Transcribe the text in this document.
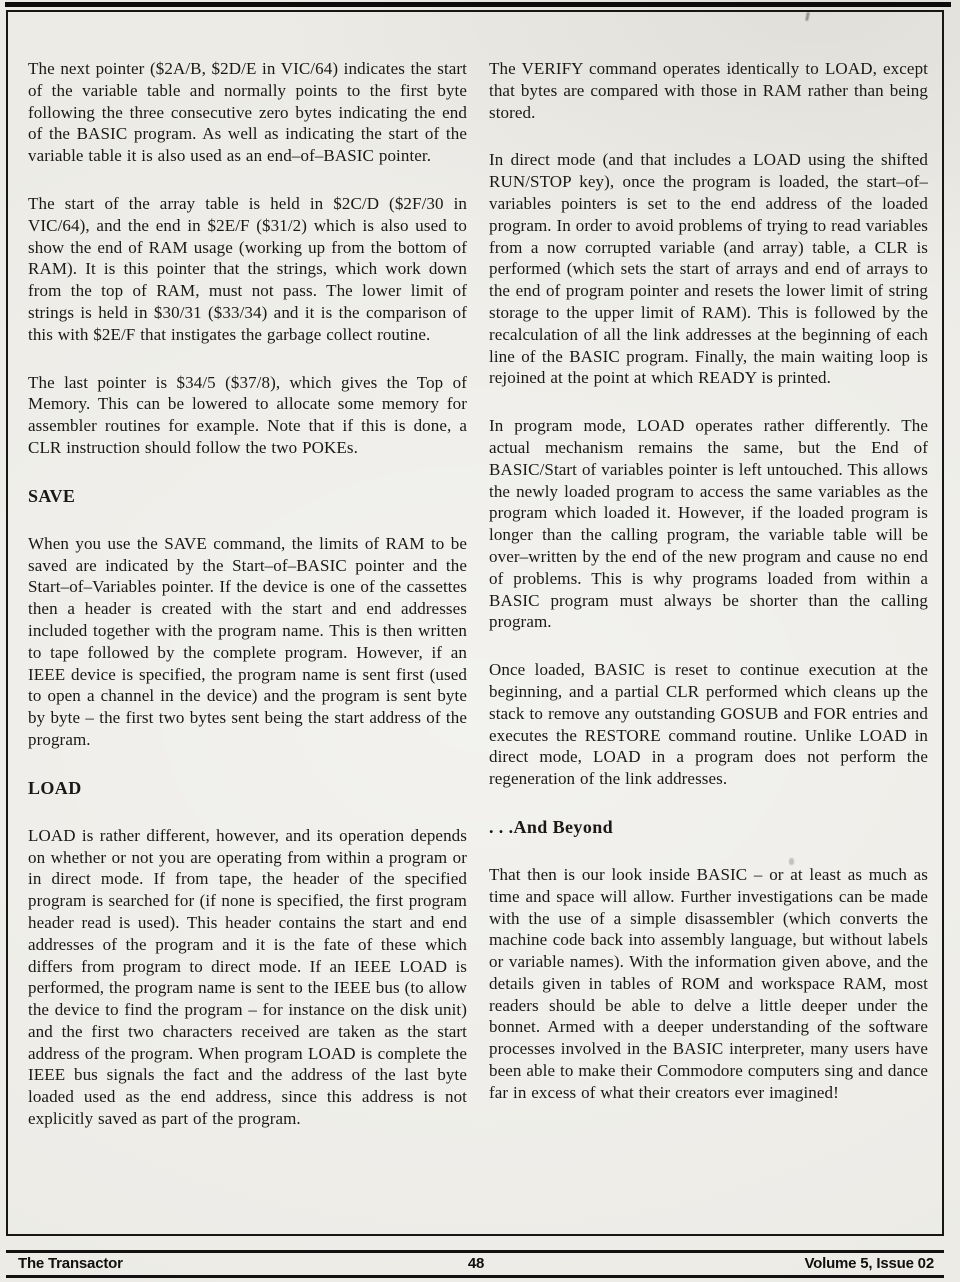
The next pointer ($2A/B, $2D/E in VIC/64) indicates the start of the variable table and normally points to the first byte following the three consecutive zero bytes indicating the end of the BASIC program. As well as indicating the start of the variable table it is also used as an end–of–BASIC pointer.

The start of the array table is held in $2C/D ($2F/30 in VIC/64), and the end in $2E/F ($31/2) which is also used to show the end of RAM usage (working up from the bottom of RAM). It is this pointer that the strings, which work down from the top of RAM, must not pass. The lower limit of strings is held in $30/31 ($33/34) and it is the comparison of this with $2E/F that instigates the garbage collect routine.

The last pointer is $34/5 ($37/8), which gives the Top of Memory. This can be lowered to allocate some memory for assembler routines for example. Note that if this is done, a CLR instruction should follow the two POKEs.

SAVE

When you use the SAVE command, the limits of RAM to be saved are indicated by the Start–of–BASIC pointer and the Start–of–Variables pointer. If the device is one of the cassettes then a header is created with the start and end addresses included together with the program name. This is then written to tape followed by the complete program. However, if an IEEE device is specified, the program name is sent first (used to open a channel in the device) and the program is sent byte by byte – the first two bytes sent being the start address of the program.

LOAD

LOAD is rather different, however, and its operation depends on whether or not you are operating from within a program or in direct mode. If from tape, the header of the specified program is searched for (if none is specified, the first program header read is used). This header contains the start and end addresses of the program and it is the fate of these which differs from program to direct mode. If an IEEE LOAD is performed, the program name is sent to the IEEE bus (to allow the device to find the program – for instance on the disk unit) and the first two characters received are taken as the start address of the program. When program LOAD is complete the IEEE bus signals the fact and the address of the last byte loaded used as the end address, since this address is not explicitly saved as part of the program.

The VERIFY command operates identically to LOAD, except that bytes are compared with those in RAM rather than being stored.

In direct mode (and that includes a LOAD using the shifted RUN/STOP key), once the program is loaded, the start–of–variables pointers is set to the end address of the loaded program. In order to avoid problems of trying to read variables from a now corrupted variable (and array) table, a CLR is performed (which sets the start of arrays and end of arrays to the end of program pointer and resets the lower limit of string storage to the upper limit of RAM). This is followed by the recalculation of all the link addresses at the beginning of each line of the BASIC program. Finally, the main waiting loop is rejoined at the point at which READY is printed.

In program mode, LOAD operates rather differently. The actual mechanism remains the same, but the End of BASIC/Start of variables pointer is left untouched. This allows the newly loaded program to access the same variables as the program which loaded it. However, if the loaded program is longer than the calling program, the variable table will be over–written by the end of the new program and cause no end of problems. This is why programs loaded from within a BASIC program must always be shorter than the calling program.

Once loaded, BASIC is reset to continue execution at the beginning, and a partial CLR performed which cleans up the stack to remove any outstanding GOSUB and FOR entries and executes the RESTORE command routine. Unlike LOAD in direct mode, LOAD in a program does not perform the regeneration of the link addresses.

. . .And Beyond

That then is our look inside BASIC – or at least as much as time and space will allow. Further investigations can be made with the use of a simple disassembler (which converts the machine code back into assembly language, but without labels or variable names). With the information given above, and the details given in tables of ROM and workspace RAM, most readers should be able to delve a little deeper under the bonnet. Armed with a deeper understanding of the software processes involved in the BASIC interpreter, many users have been able to make their Commodore computers sing and dance far in excess of what their creators ever imagined!

The Transactor	48	Volume 5, Issue 02
